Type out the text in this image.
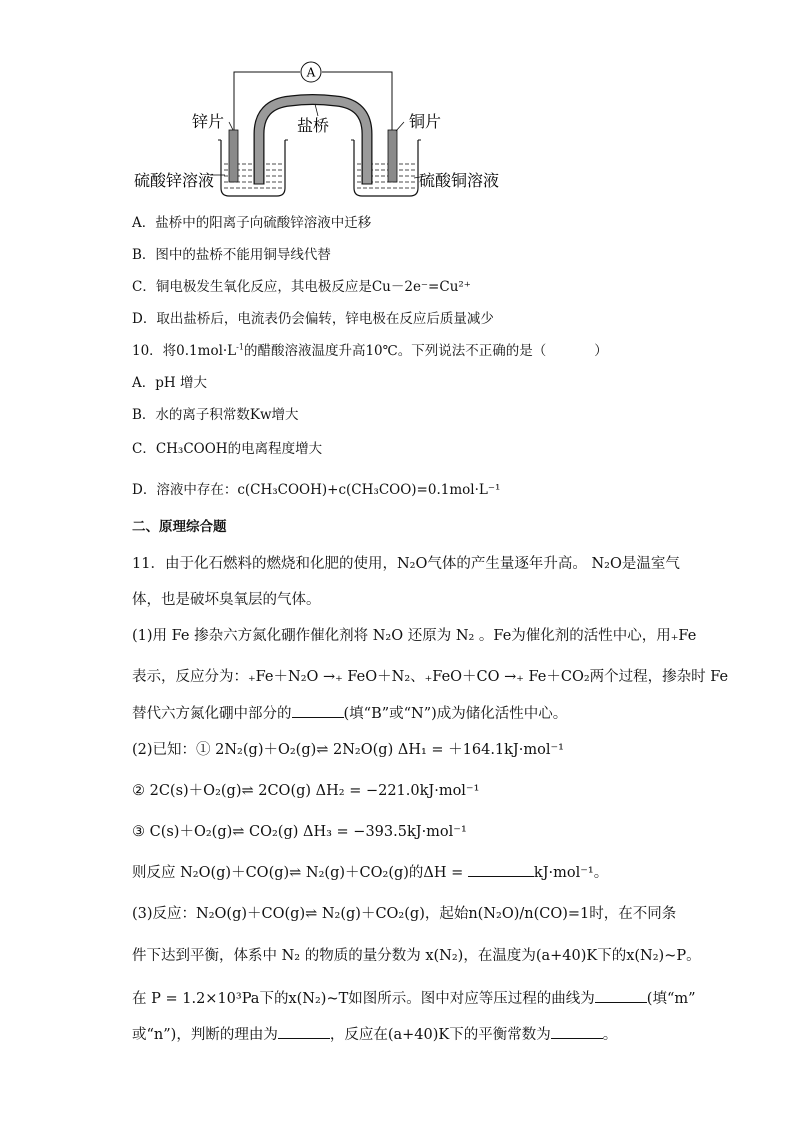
A
锌片	铜片
盐桥
硫酸锌溶液	硫酸铜溶液
A．盐桥中的阳离子向硫酸锌溶液中迁移
B．图中的盐桥不能用铜导线代替
C．铜电极发生氧化反应，其电极反应是Cu－2e⁻=Cu²⁺
D．取出盐桥后，电流表仍会偏转，锌电极在反应后质量减少
10．将$0.1mol\cdot L^{-1}$的醋酸溶液温度升高10℃。下列说法不正确的是（	）
A．pH 增大
B．水的离子积常数Kw增大
C．CH₃COOH的电离程度增大
D．溶液中存在：c(CH₃COOH)+c(CH₃COO)=0.1mol·L⁻¹
二、原理综合题
11．由于化石燃料的燃烧和化肥的使用，N₂O气体的产生量逐年升高。 N₂O是温室气
体，也是破坏臭氧层的气体。
(1)用 Fe 掺杂六方氮化硼作催化剂将 N₂O 还原为 N₂ 。Fe为催化剂的活性中心，用₊Fe
表示，反应分为：₊Fe＋N₂O →₊ FeO＋N₂、₊FeO＋CO →₊ Fe＋CO₂两个过程，掺杂时 Fe
替代六方氮化硼中部分的	(填“B”或“N”)成为储化活性中心。
(2)已知：① 2N₂(g)＋O₂(g)⇌ 2N₂O(g) ΔH₁ = ＋164.1kJ·mol⁻¹
② 2C(s)＋O₂(g)⇌ 2CO(g) ΔH₂ = −221.0kJ·mol⁻¹
③ C(s)＋O₂(g)⇌ CO₂(g) ΔH₃ = −393.5kJ·mol⁻¹
则反应 N₂O(g)＋CO(g)⇌ N₂(g)＋CO₂(g)的ΔH =	kJ·mol⁻¹。
(3)反应：N₂O(g)＋CO(g)⇌ N₂(g)＋CO₂(g)，起始n(N₂O)/n(CO)=1时，在不同条
件下达到平衡，体系中 N₂ 的物质的量分数为 x(N₂)，在温度为(a+40)K下的x(N₂)~P。
在 P = 1.2×10³Pa下的x(N₂)~T如图所示。图中对应等压过程的曲线为	(填“m”
或“n”)，判断的理由为	，反应在(a+40)K下的平衡常数为	。
